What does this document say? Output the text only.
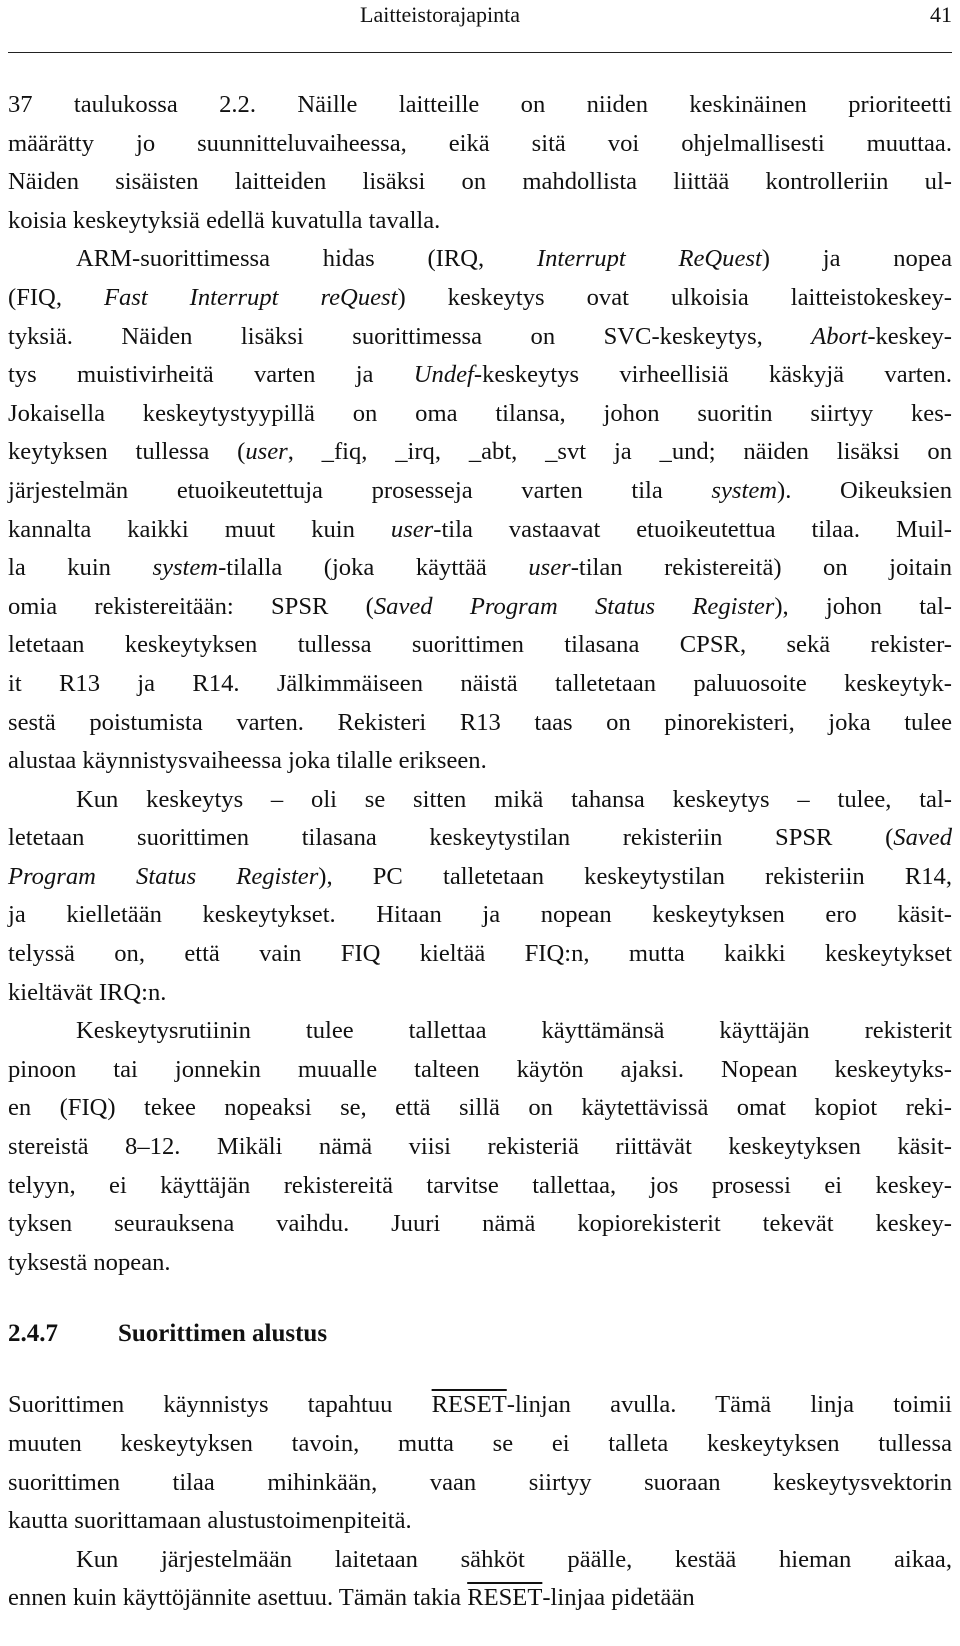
Laitteistorajapinta	41

37 taulukossa 2.2. Näille laitteille on niiden keskinäinen prioriteetti
määrätty jo suunnitteluvaiheessa, eikä sitä voi ohjelmallisesti muuttaa.
Näiden sisäisten laitteiden lisäksi on mahdollista liittää kontrolleriin ul-
koisia keskeytyksiä edellä kuvatulla tavalla.

ARM-suorittimessa hidas (IRQ, Interrupt ReQuest) ja nopea
(FIQ, Fast Interrupt reQuest) keskeytys ovat ulkoisia laitteistokeskey-
tyksiä. Näiden lisäksi suorittimessa on SVC-keskeytys, Abort-keskey-
tys muistivirheitä varten ja Undef-keskeytys virheellisiä käskyjä varten.
Jokaisella keskeytystyypillä on oma tilansa, johon suoritin siirtyy kes-
keytyksen tullessa (user, _fiq, _irq, _abt, _svt ja _und; näiden lisäksi on
järjestelmän etuoikeutettuja prosesseja varten tila system). Oikeuksien
kannalta kaikki muut kuin user-tila vastaavat etuoikeutettua tilaa. Muil-
la kuin system-tilalla (joka käyttää user-tilan rekistereitä) on joitain
omia rekistereitään: SPSR (Saved Program Status Register), johon tal-
letetaan keskeytyksen tullessa suorittimen tilasana CPSR, sekä rekister-
it R13 ja R14. Jälkimmäiseen näistä talletetaan paluuosoite keskeytyk-
sestä poistumista varten. Rekisteri R13 taas on pinorekisteri, joka tulee
alustaa käynnistysvaiheessa joka tilalle erikseen.

Kun keskeytys – oli se sitten mikä tahansa keskeytys – tulee, tal-
letetaan suorittimen tilasana keskeytystilan rekisteriin SPSR (Saved
Program Status Register), PC talletetaan keskeytystilan rekisteriin R14,
ja kielletään keskeytykset. Hitaan ja nopean keskeytyksen ero käsit-
telyssä on, että vain FIQ kieltää FIQ:n, mutta kaikki keskeytykset
kieltävät IRQ:n.

Keskeytysrutiinin tulee tallettaa käyttämänsä käyttäjän rekisterit
pinoon tai jonnekin muualle talteen käytön ajaksi. Nopean keskeytyks-
en (FIQ) tekee nopeaksi se, että sillä on käytettävissä omat kopiot reki-
stereistä 8–12. Mikäli nämä viisi rekisteriä riittävät keskeytyksen käsit-
telyyn, ei käyttäjän rekistereitä tarvitse tallettaa, jos prosessi ei keskey-
tyksen seurauksena vaihdu. Juuri nämä kopiorekisterit tekevät keskey-
tyksestä nopean.

2.4.7 Suorittimen alustus

Suorittimen käynnistys tapahtuu RESET-linjan avulla. Tämä linja toimii
muuten keskeytyksen tavoin, mutta se ei talleta keskeytyksen tullessa
suorittimen tilaa mihinkään, vaan siirtyy suoraan keskeytysvektorin
kautta suorittamaan alustustoimenpiteitä.

Kun järjestelmään laitetaan sähköt päälle, kestää hieman aikaa,
ennen kuin käyttöjännite asettuu. Tämän takia RESET-linjaa pidetään
